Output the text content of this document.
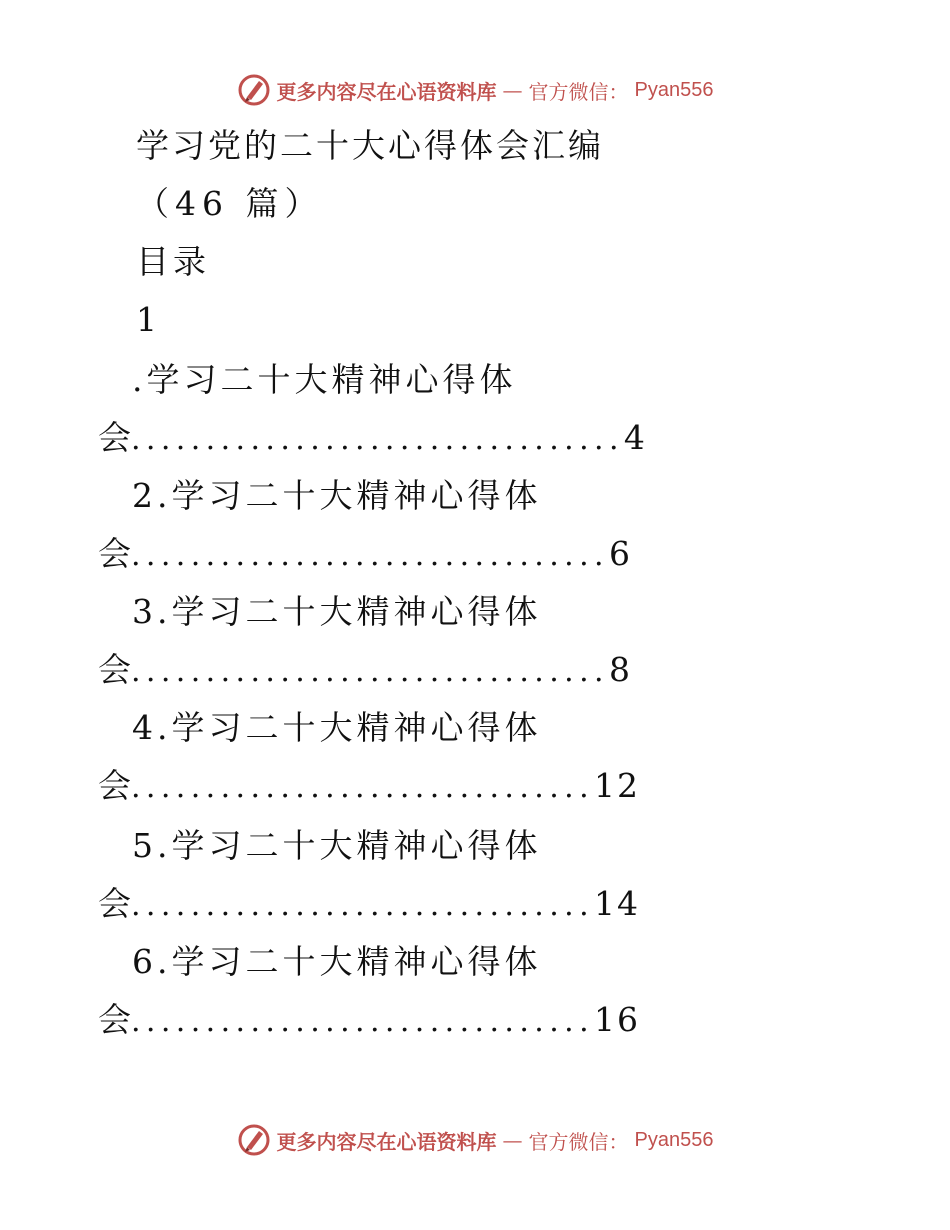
更多内容尽在心语资料库 — 官方微信： Pyan556
学习党的二十大心得体会汇编
（46 篇）
目录
1
.学习二十大精神心得体
会 ................................. 4
2.学习二十大精神心得体
会 ................................ 6
3.学习二十大精神心得体
会 ................................ 8
4.学习二十大精神心得体
会 ............................... 12
5.学习二十大精神心得体
会 ............................... 14
6.学习二十大精神心得体
会 ............................... 16
更多内容尽在心语资料库 — 官方微信： Pyan556
